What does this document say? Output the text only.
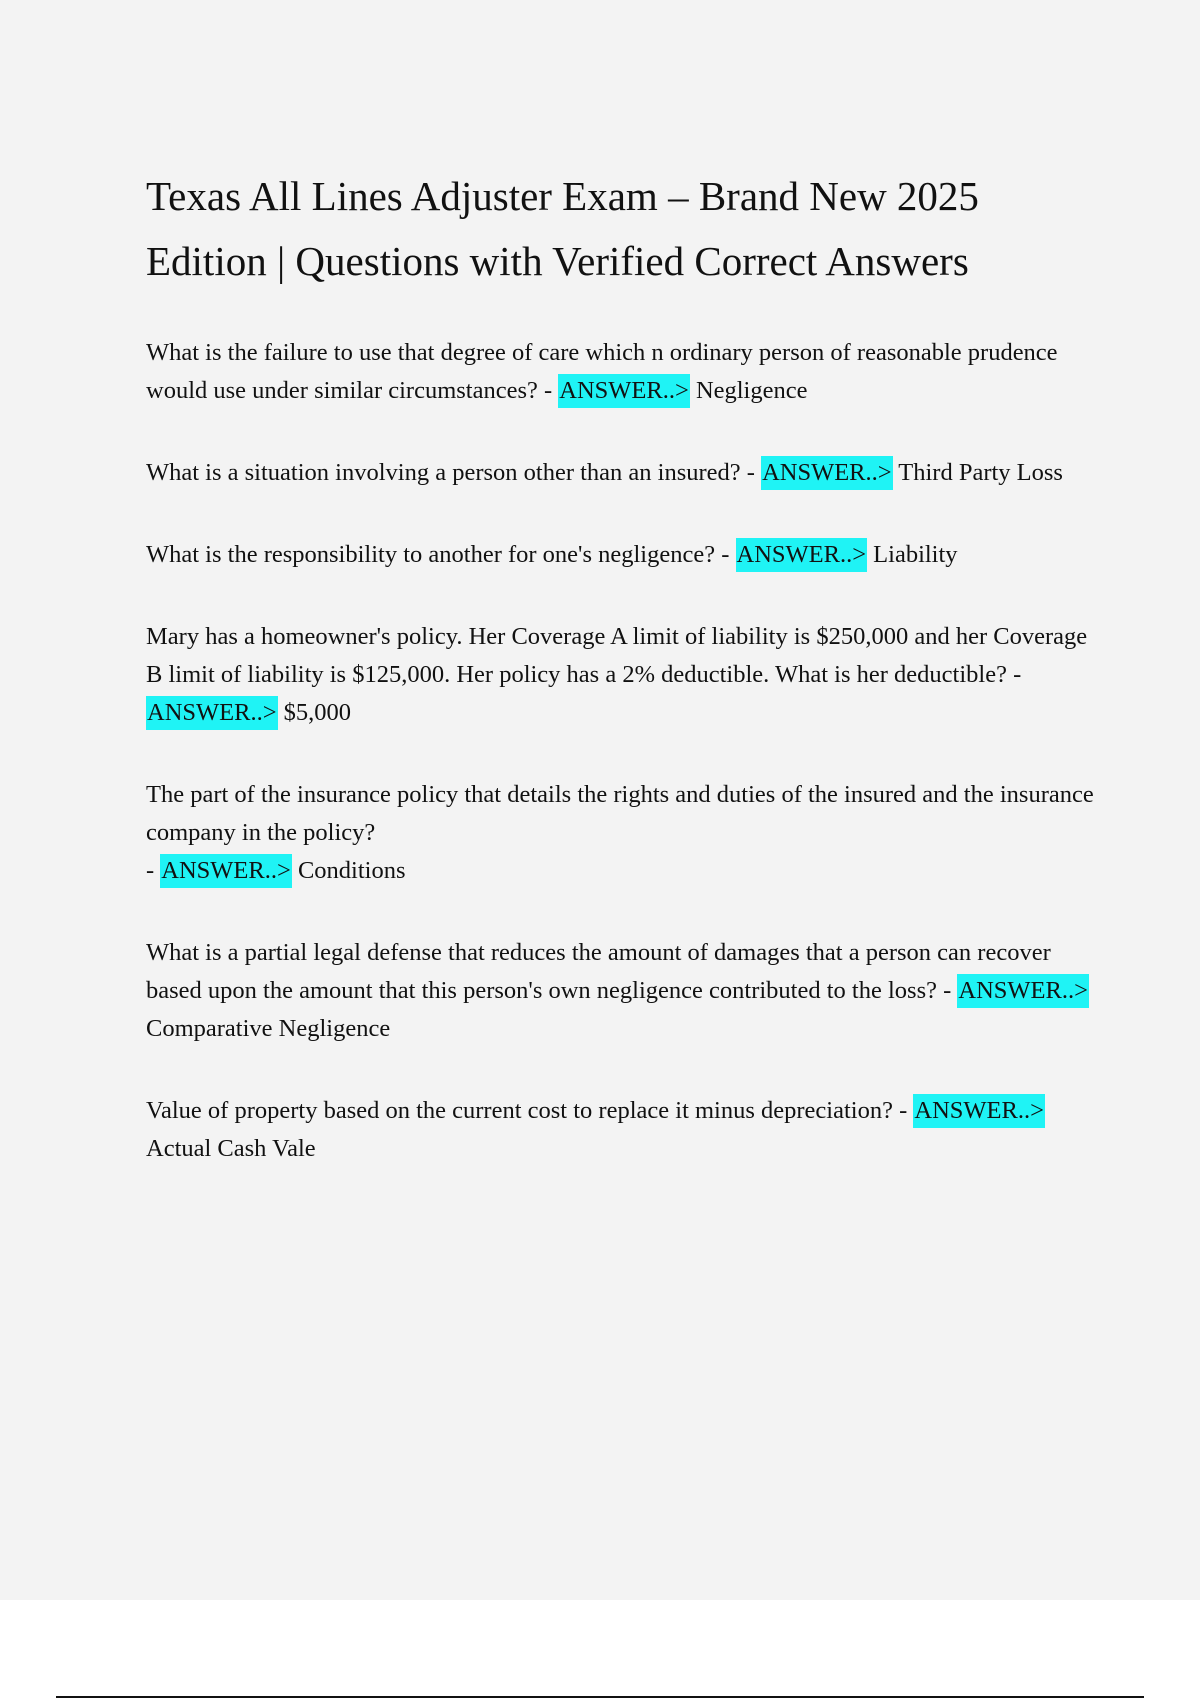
Texas All Lines Adjuster Exam – Brand New 2025 Edition | Questions with Verified Correct Answers

What is the failure to use that degree of care which n ordinary person of reasonable prudence would use under similar circumstances? - ANSWER..> Negligence

What is a situation involving a person other than an insured? - ANSWER..> Third Party Loss

What is the responsibility to another for one's negligence? - ANSWER..> Liability

Mary has a homeowner's policy. Her Coverage A limit of liability is $250,000 and her Coverage B limit of liability is $125,000. Her policy has a 2% deductible. What is her deductible? - ANSWER..> $5,000

The part of the insurance policy that details the rights and duties of the insured and the insurance company in the policy?
- ANSWER..> Conditions

What is a partial legal defense that reduces the amount of damages that a person can recover based upon the amount that this person's own negligence contributed to the loss? - ANSWER..> Comparative Negligence

Value of property based on the current cost to replace it minus depreciation? - ANSWER..> Actual Cash Vale
